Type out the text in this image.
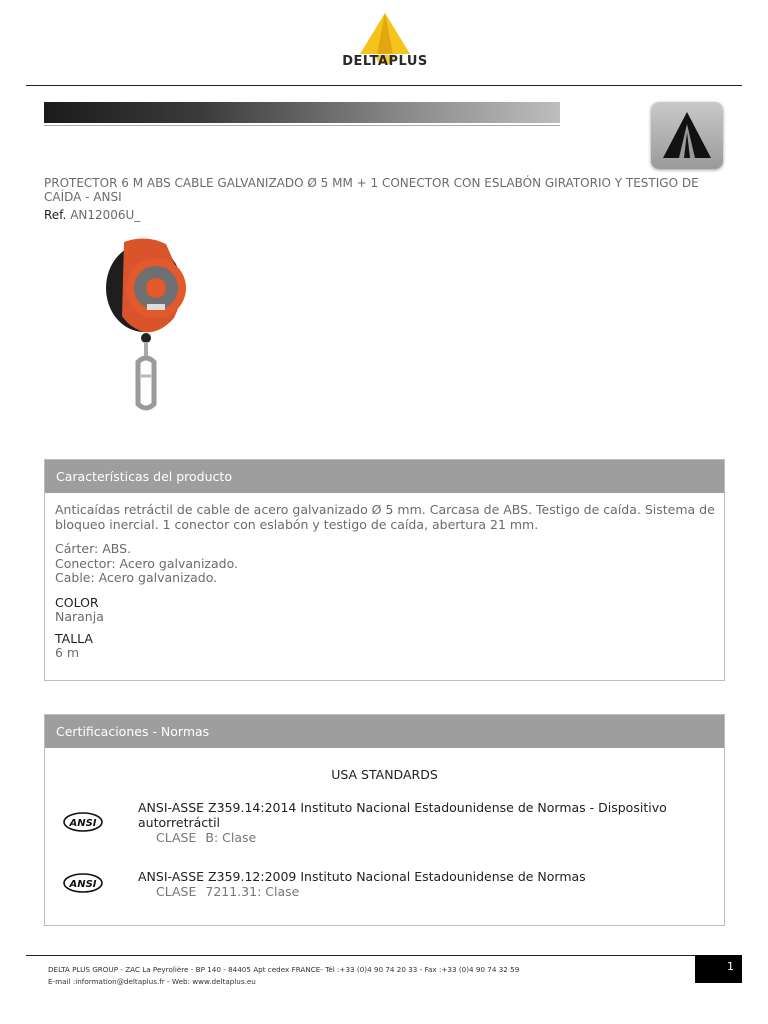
DELTAPLUS
PROTECTOR 6 M ABS CABLE GALVANIZADO Ø 5 MM + 1 CONECTOR CON ESLABÓN GIRATORIO Y TESTIGO DE CAÍDA - ANSI
Ref. AN12006U_
Características del producto
Anticaídas retráctil de cable de acero galvanizado Ø 5 mm. Carcasa de ABS. Testigo de caída. Sistema de bloqueo inercial. 1 conector con eslabón y testigo de caída, abertura 21 mm.
Cárter: ABS.
Conector: Acero galvanizado.
Cable: Acero galvanizado.
COLOR
Naranja
TALLA
6 m
Certificaciones - Normas
USA STANDARDS
ANSI
ANSI-ASSE Z359.14:2014 Instituto Nacional Estadounidense de Normas - Dispositivo autorretráctil
CLASE B: Clase
ANSI
ANSI-ASSE Z359.12:2009 Instituto Nacional Estadounidense de Normas
CLASE 7211.31: Clase
DELTA PLUS GROUP - ZAC La Peyrolière - BP 140 - 84405 Apt cedex FRANCE- Tél :+33 (0)4 90 74 20 33 - Fax :+33 (0)4 90 74 32 59
E-mail :information@deltaplus.fr - Web: www.deltaplus.eu
1
